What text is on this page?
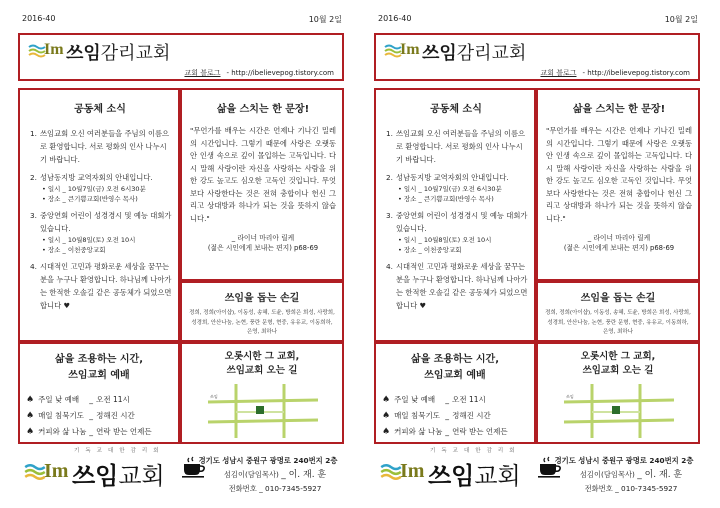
2016-40	10월 2일
Im 쓰임감리교회
교회 블로그 - http://ibelievepog.tistory.com
공동체 소식
1. 쓰임교회 오신 여러분들을 주님의 이름으로 환영합니다. 서로 평화의 인사 나누시기 바랍니다.
2. 성남동지방 교역자회의 안내입니다.
• 일시 _ 10월7일(금) 오전 6시30분
• 장소 _ 큰기쁨교회(반영수 목사)
3. 중앙연회 어린이 성경경시 및 예능 대회가 있습니다.
• 일시 _ 10월8일(토) 오전 10시
• 장소 _ 이천중앙교회
4. 시대적인 고민과 평화로운 세상을 꿈꾸는 분을 누구나 환영합니다. 하나님께 나아가는 한적한 오솔길 같은 공동체가 되었으면 합니다 ♥
삶을 스치는 한 문장!
"무언가를 배우는 시간은 언제나 기나긴 밀레의 시간입니다. 그렇기 때문에 사랑은 오랫동안 인생 속으로 깊이 몰입하는 고독입니다. 다시 말해 사랑이란 자신을 사랑하는 사람을 위한 강도 높고도 심오한 고독인 것입니다. 무엇보다 사랑한다는 것은 전혀 충합이나 헌신 그리고 상대방과 하나가 되는 것을 뜻하지 않습니다."
_ 라이너 마리아 릴케
(젊은 시인에게 보내는 편지) p68-69
쓰임을 돕는 손길
정희, 정희(아이샵), 이동성, 송혜, 도윤, 방희은 희성, 사랑희, 성경희, 안산나눔, 논현, 풍란 문형, 현중, 유유교, 이동희하, 은영, 최하나
삶을 조용하는 시간,
쓰임교회 예배
♠ 주일 낮 예배	_ 오전 11시
♠ 매일 침묵기도 _ 정해진 시간
♠ 커피와 삶 나눔 _ 연락 받는 언제든
오롯시한 그 교회,
쓰임교회 오는 길
쓰임
기독교대한감리회
Im 쓰임교회
경기도 성남시 중원구 광명로 240번지 2층
섬김이(담임목사) _ 이. 재. 훈
전화번호 _ 010-7345-5927
2016-40	10월 2일
Im 쓰임감리교회
교회 블로그 - http://ibelievepog.tistory.com
공동체 소식
1. 쓰임교회 오신 여러분들을 주님의 이름으로 환영합니다. 서로 평화의 인사 나누시기 바랍니다.
2. 성남동지방 교역자회의 안내입니다.
• 일시 _ 10월7일(금) 오전 6시30분
• 장소 _ 큰기쁨교회(반영수 목사)
3. 중앙연회 어린이 성경경시 및 예능 대회가 있습니다.
• 일시 _ 10월8일(토) 오전 10시
• 장소 _ 이천중앙교회
4. 시대적인 고민과 평화로운 세상을 꿈꾸는 분을 누구나 환영합니다. 하나님께 나아가는 한적한 오솔길 같은 공동체가 되었으면 합니다 ♥
삶을 스치는 한 문장!
"무언가를 배우는 시간은 언제나 기나긴 밀레의 시간입니다. 그렇기 때문에 사랑은 오랫동안 인생 속으로 깊이 몰입하는 고독입니다. 다시 말해 사랑이란 자신을 사랑하는 사람을 위한 강도 높고도 심오한 고독인 것입니다. 무엇보다 사랑한다는 것은 전혀 충합이나 헌신 그리고 상대방과 하나가 되는 것을 뜻하지 않습니다."
_ 라이너 마리아 릴케
(젊은 시인에게 보내는 편지) p68-69
쓰임을 돕는 손길
정희, 정희(아이샵), 이동성, 송혜, 도윤, 방희은 희성, 사랑희, 성경희, 안산나눔, 논현, 풍란 문형, 현중, 유유교, 이동희하, 은영, 최하나
삶을 조용하는 시간,
쓰임교회 예배
♠ 주일 낮 예배	_ 오전 11시
♠ 매일 침묵기도 _ 정해진 시간
♠ 커피와 삶 나눔 _ 연락 받는 언제든
오롯시한 그 교회,
쓰임교회 오는 길
쓰임
기독교대한감리회
Im 쓰임교회
경기도 성남시 중원구 광명로 240번지 2층
섬김이(담임목사) _ 이. 재. 훈
전화번호 _ 010-7345-5927
